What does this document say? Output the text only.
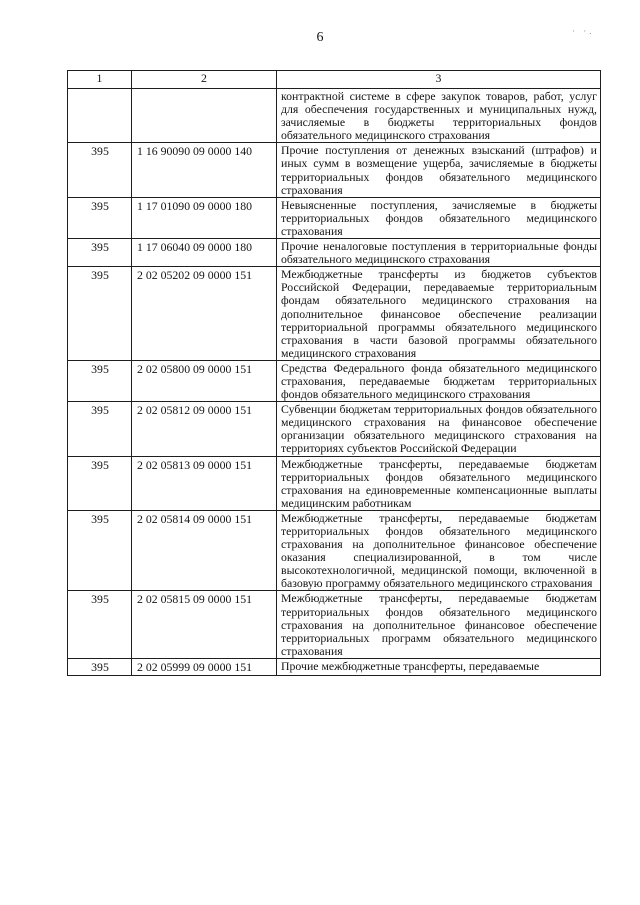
6	· ·.
1	2	3
		контрактной системе в сфере закупок товаров, работ, услуг для обеспечения государственных и муниципальных нужд, зачисляемые в бюджеты территориальных фондов обязательного медицинского страхования
395	1 16 90090 09 0000 140	Прочие поступления от денежных взысканий (штрафов) и иных сумм в возмещение ущерба, зачисляемые в бюджеты территориальных фондов обязательного медицинского страхования
395	1 17 01090 09 0000 180	Невыясненные поступления, зачисляемые в бюджеты территориальных фондов обязательного медицинского страхования
395	1 17 06040 09 0000 180	Прочие неналоговые поступления в территориальные фонды обязательного медицинского страхования
395	2 02 05202 09 0000 151	Межбюджетные трансферты из бюджетов субъектов Российской Федерации, передаваемые территориальным фондам обязательного медицинского страхования на дополнительное финансовое обеспечение реализации территориальной программы обязательного медицинского страхования в части базовой программы обязательного медицинского страхования
395	2 02 05800 09 0000 151	Средства Федерального фонда обязательного медицинского страхования, передаваемые бюджетам территориальных фондов обязательного медицинского страхования
395	2 02 05812 09 0000 151	Субвенции бюджетам территориальных фондов обязательного медицинского страхования на финансовое обеспечение организации обязательного медицинского страхования на территориях субъектов Российской Федерации
395	2 02 05813 09 0000 151	Межбюджетные трансферты, передаваемые бюджетам территориальных фондов обязательного медицинского страхования на единовременные компенсационные выплаты медицинским работникам
395	2 02 05814 09 0000 151	Межбюджетные трансферты, передаваемые бюджетам территориальных фондов обязательного медицинского страхования на дополнительное финансовое обеспечение оказания специализированной, в том числе высокотехнологичной, медицинской помощи, включенной в базовую программу обязательного медицинского страхования
395	2 02 05815 09 0000 151	Межбюджетные трансферты, передаваемые бюджетам территориальных фондов обязательного медицинского страхования на дополнительное финансовое обеспечение территориальных программ обязательного медицинского страхования
395	2 02 05999 09 0000 151	Прочие межбюджетные трансферты, передаваемые
